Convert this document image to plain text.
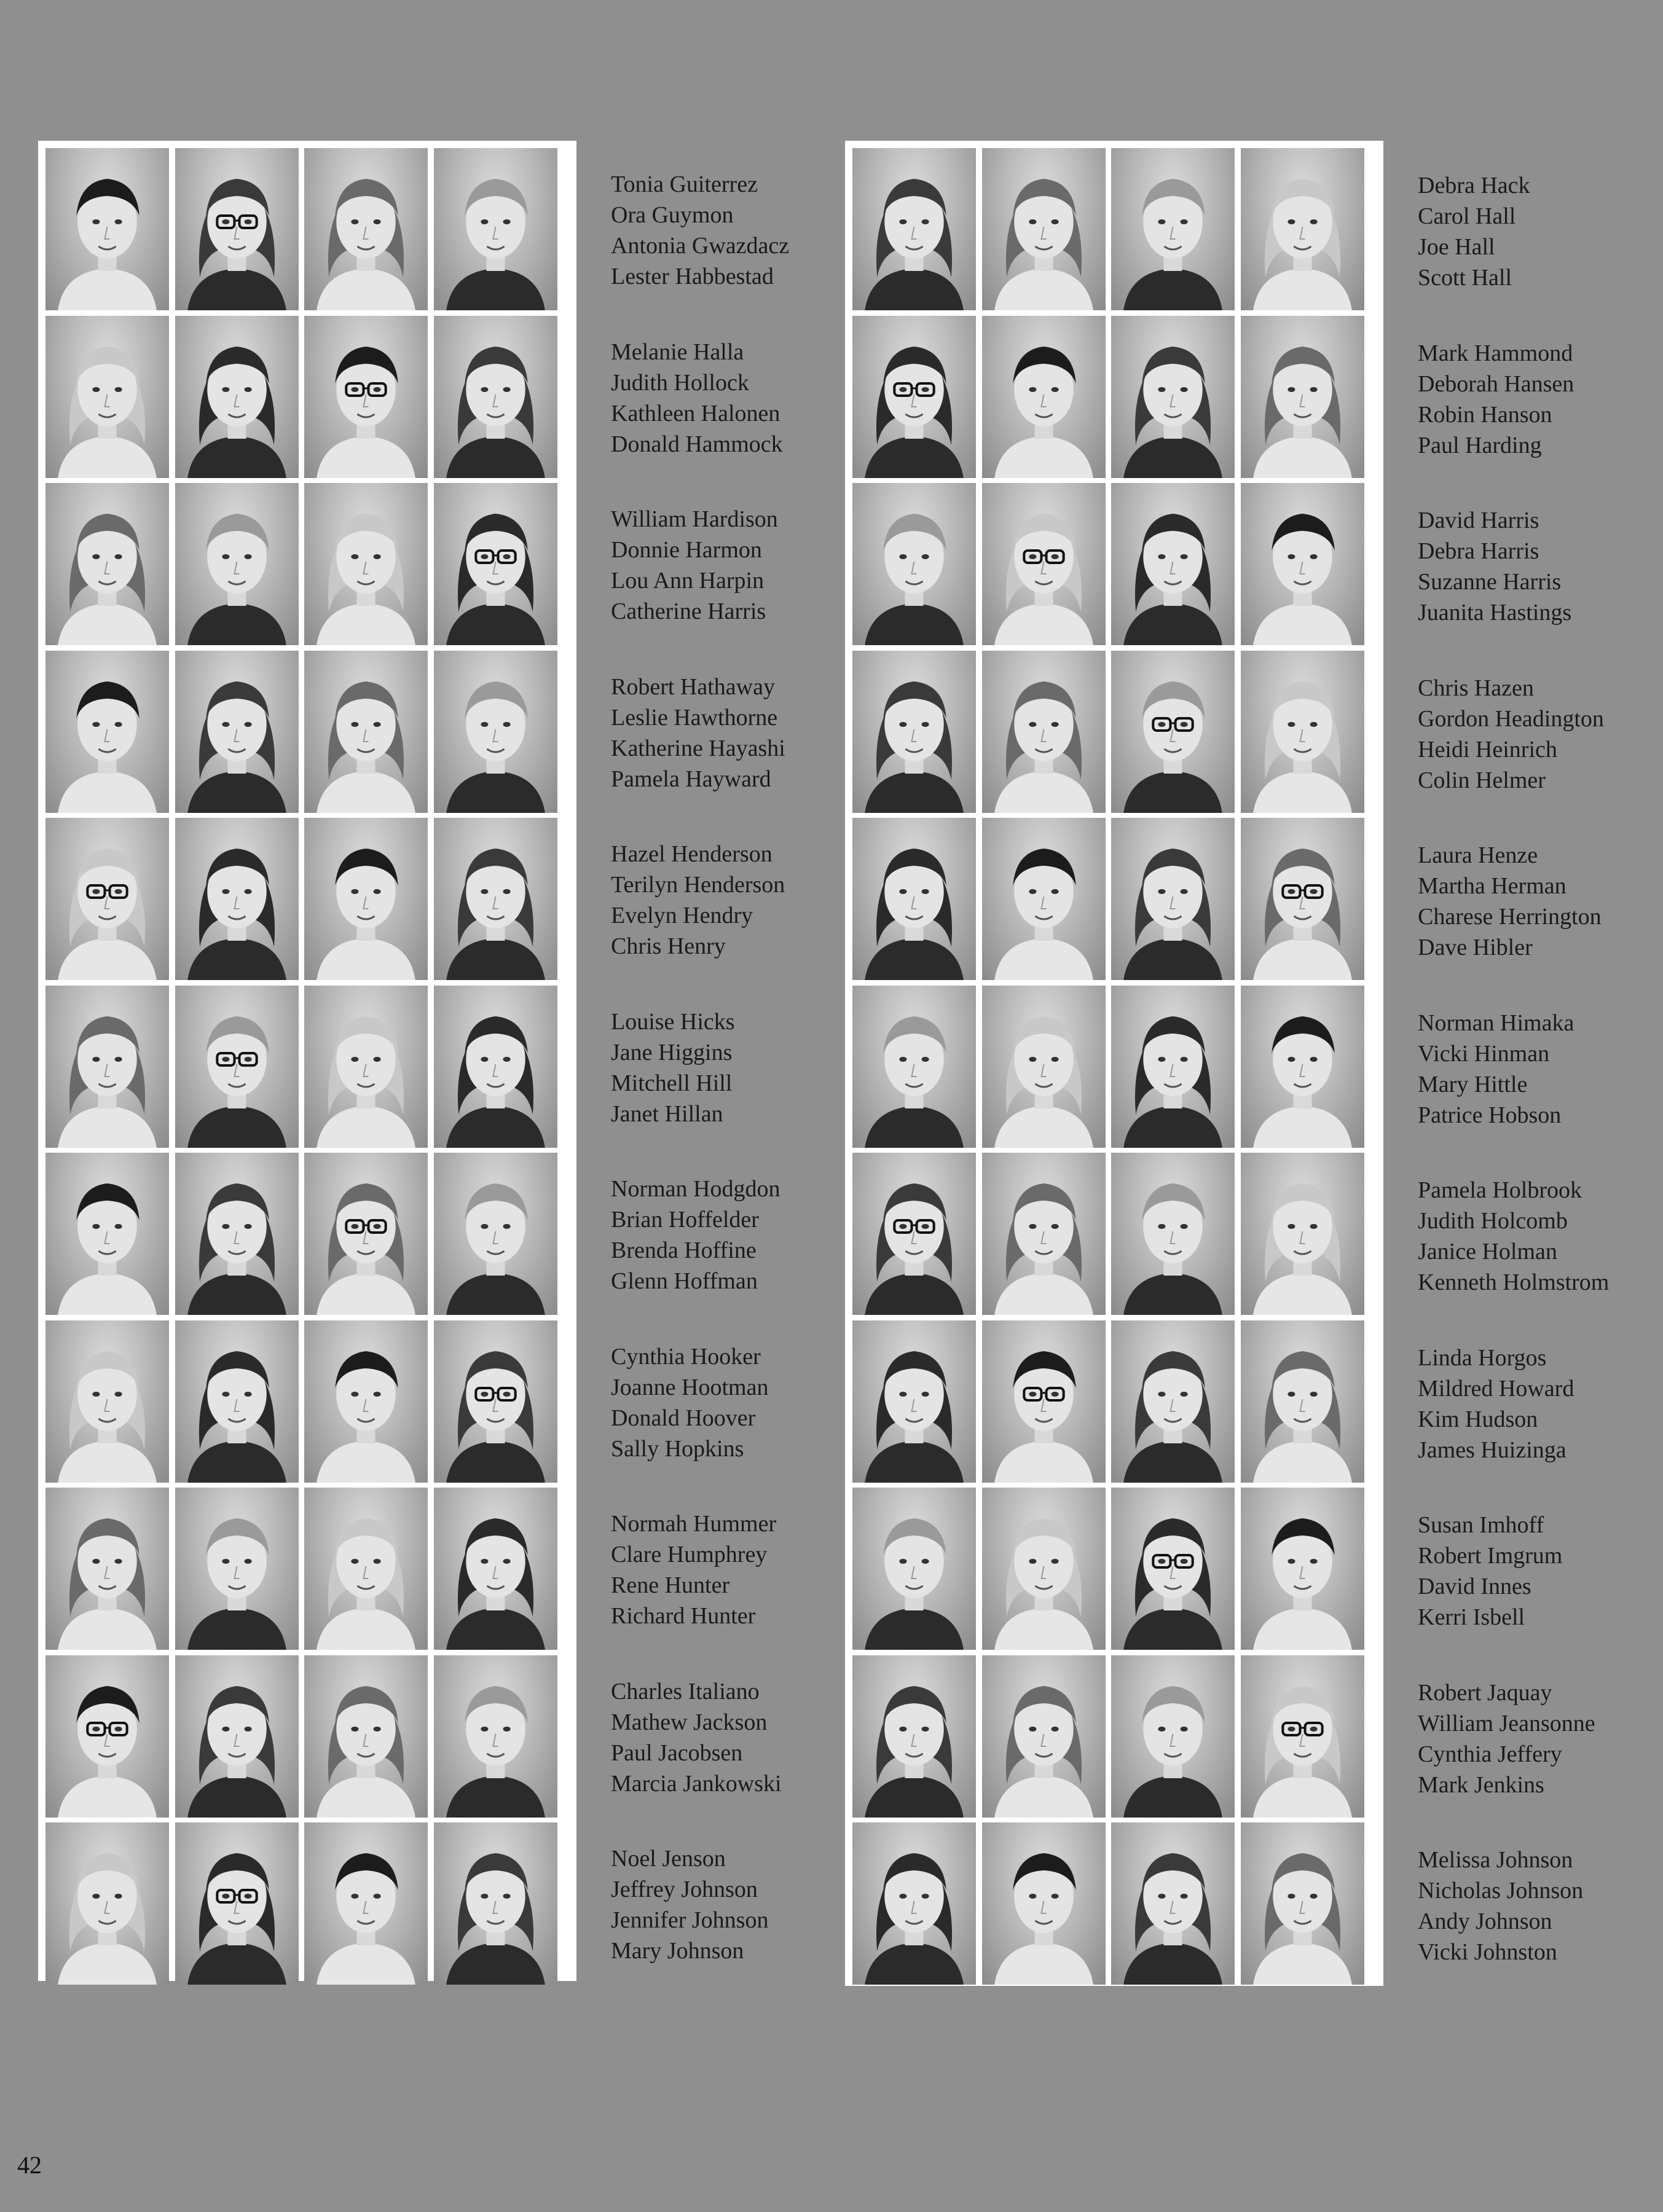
Tonia Guiterrez
Ora Guymon
Antonia Gwazdacz
Lester Habbestad
Melanie Halla
Judith Hollock
Kathleen Halonen
Donald Hammock
William Hardison
Donnie Harmon
Lou Ann Harpin
Catherine Harris
Robert Hathaway
Leslie Hawthorne
Katherine Hayashi
Pamela Hayward
Hazel Henderson
Terilyn Henderson
Evelyn Hendry
Chris Henry
Louise Hicks
Jane Higgins
Mitchell Hill
Janet Hillan
Norman Hodgdon
Brian Hoffelder
Brenda Hoffine
Glenn Hoffman
Cynthia Hooker
Joanne Hootman
Donald Hoover
Sally Hopkins
Normah Hummer
Clare Humphrey
Rene Hunter
Richard Hunter
Charles Italiano
Mathew Jackson
Paul Jacobsen
Marcia Jankowski
Noel Jenson
Jeffrey Johnson
Jennifer Johnson
Mary Johnson
Debra Hack
Carol Hall
Joe Hall
Scott Hall
Mark Hammond
Deborah Hansen
Robin Hanson
Paul Harding
David Harris
Debra Harris
Suzanne Harris
Juanita Hastings
Chris Hazen
Gordon Headington
Heidi Heinrich
Colin Helmer
Laura Henze
Martha Herman
Charese Herrington
Dave Hibler
Norman Himaka
Vicki Hinman
Mary Hittle
Patrice Hobson
Pamela Holbrook
Judith Holcomb
Janice Holman
Kenneth Holmstrom
Linda Horgos
Mildred Howard
Kim Hudson
James Huizinga
Susan Imhoff
Robert Imgrum
David Innes
Kerri Isbell
Robert Jaquay
William Jeansonne
Cynthia Jeffery
Mark Jenkins
Melissa Johnson
Nicholas Johnson
Andy Johnson
Vicki Johnston
42
